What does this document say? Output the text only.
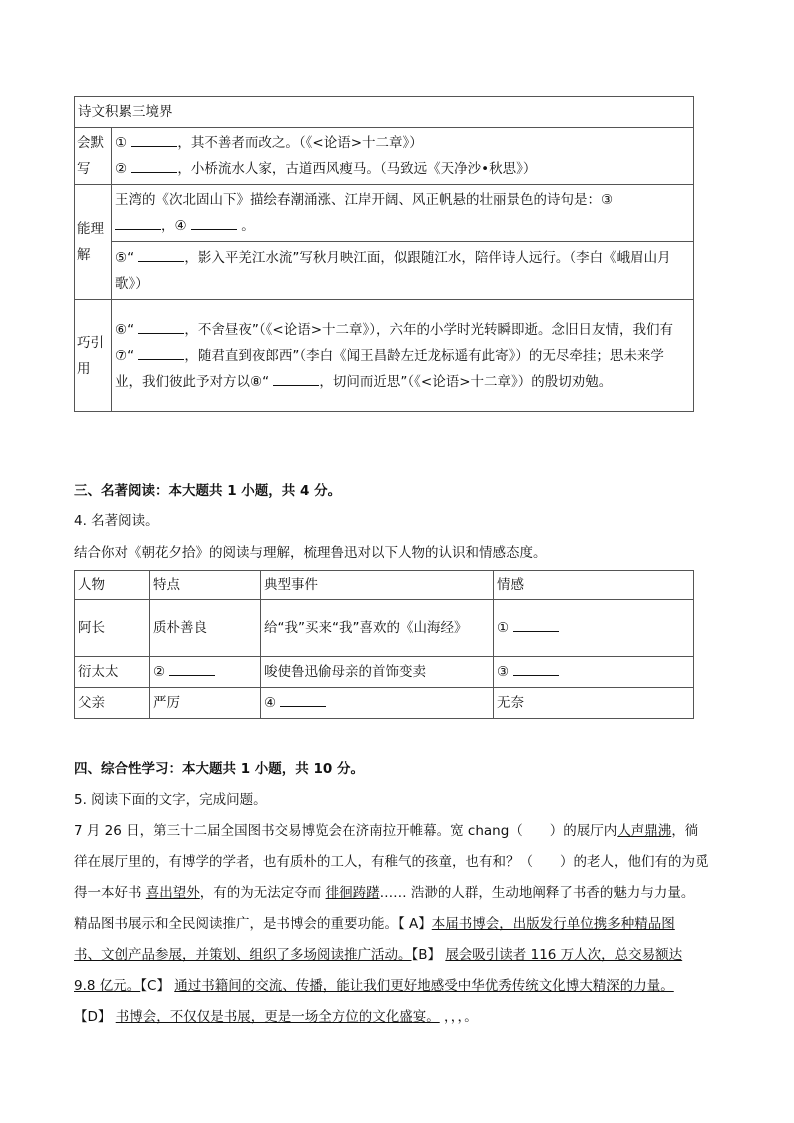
诗文积累三境界	
会默写	① ，其不善者而改之。（《<论语>十二章》）
② ，小桥流水人家，古道西风瘦马。（马致远《天净沙•秋思》）

能理解	王湾的《次北固山下》描绘春潮涌涨、江岸开阔、风正帆悬的壮丽景色的诗句是：③
，④ 。
	⑤“ ，影入平羌江水流”写秋月映江面，似跟随江水，陪伴诗人远行。（李白《峨眉山月歌》）
巧引用	⑥“ ，不舍昼夜”（《<论语>十二章》），六年的小学时光转瞬即逝。念旧日友情，我们有⑦“ ，随君直到夜郎西”（李白《闻王昌龄左迁龙标遥有此寄》）的无尽牵挂；思未来学业，我们彼此予对方以⑧“ ，切问而近思”（《<论语>十二章》）的殷切劝勉。
三、名著阅读：本大题共 1 小题，共 4 分。
4. 名著阅读。
结合你对《朝花夕拾》的阅读与理解，梳理鲁迅对以下人物的认识和情感态度。
人物	特点	典型事件	情感
阿长	质朴善良	给“我”买来“我”喜欢的《山海经》	①
衍太太	②	唆使鲁迅偷母亲的首饰变卖	③
父亲	严厉	④	无奈
四、综合性学习：本大题共 1 小题，共 10 分。
5. 阅读下面的文字，完成问题。
7 月 26 日，第三十二届全国图书交易博览会在济南拉开帷幕。宽 chang（　　）的展厅内人声鼎沸，徜
徉在展厅里的，有博学的学者，也有质朴的工人，有稚气的孩童，也有和？（　　）的老人，他们有的为觅
得一本好书 喜出望外，有的为无法定夺而 徘徊踌躇…… 浩渺的人群，生动地阐释了书香的魅力与力量。
精品图书展示和全民阅读推广，是书博会的重要功能。【 A】本届书博会，出版发行单位携多种精品图
书、文创产品参展，并策划、组织了多场阅读推广活动。【B】 展会吸引读者 116 万人次，总交易额达
9.8 亿元。【C】 通过书籍间的交流、传播，能让我们更好地感受中华优秀传统文化博大精深的力量。
【D】 书博会，不仅仅是书展，更是一场全方位的文化盛宴。 ，，，。
